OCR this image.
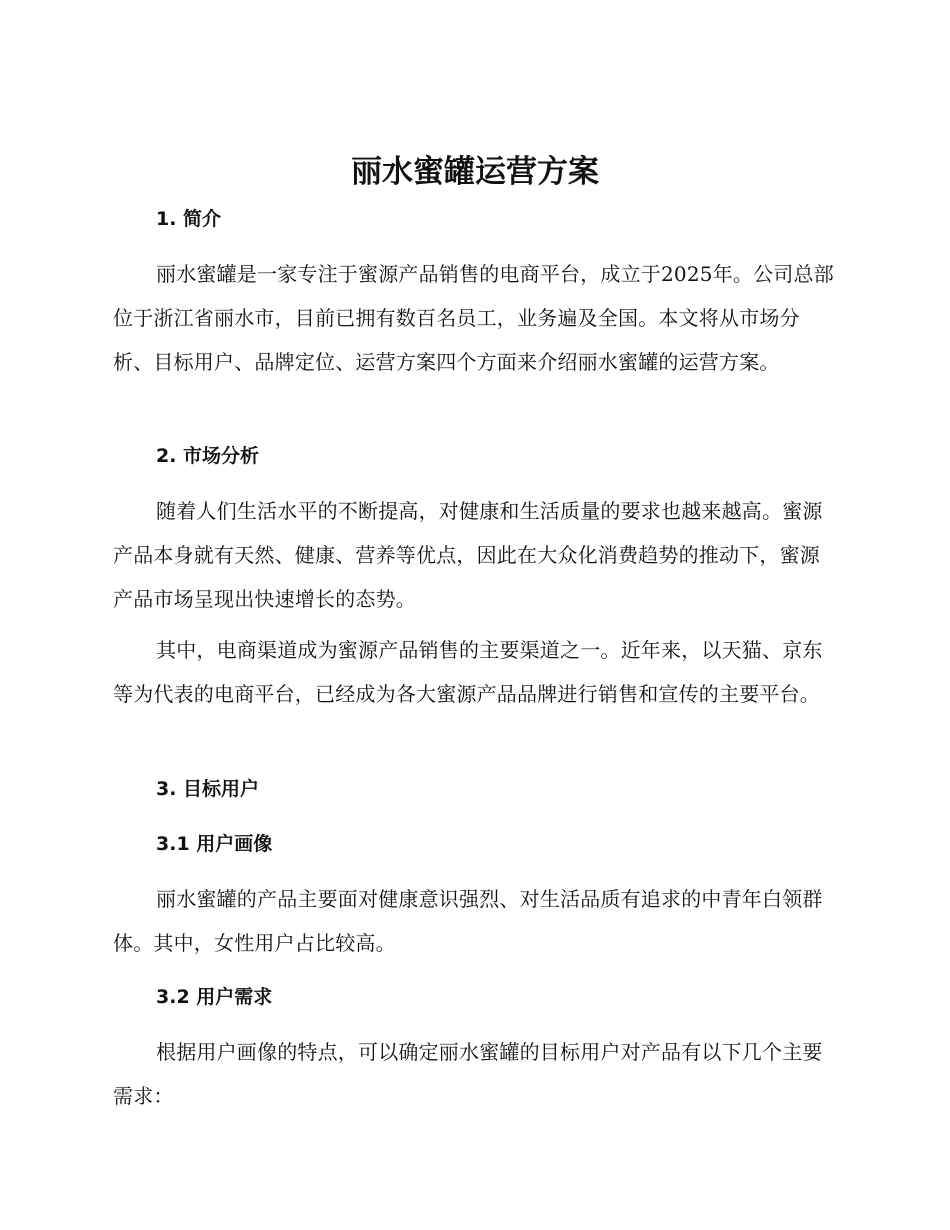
丽水蜜罐运营方案
1. 简介

丽水蜜罐是一家专注于蜜源产品销售的电商平台，成立于2025年。公司总部位于浙江省丽水市，目前已拥有数百名员工，业务遍及全国。本文将从市场分析、目标用户、品牌定位、运营方案四个方面来介绍丽水蜜罐的运营方案。

2. 市场分析

随着人们生活水平的不断提高，对健康和生活质量的要求也越来越高。蜜源产品本身就有天然、健康、营养等优点，因此在大众化消费趋势的推动下，蜜源产品市场呈现出快速增长的态势。

其中，电商渠道成为蜜源产品销售的主要渠道之一。近年来，以天猫、京东等为代表的电商平台，已经成为各大蜜源产品品牌进行销售和宣传的主要平台。

3. 目标用户
3.1 用户画像

丽水蜜罐的产品主要面对健康意识强烈、对生活品质有追求的中青年白领群体。其中，女性用户占比较高。

3.2 用户需求

根据用户画像的特点，可以确定丽水蜜罐的目标用户对产品有以下几个主要需求：
